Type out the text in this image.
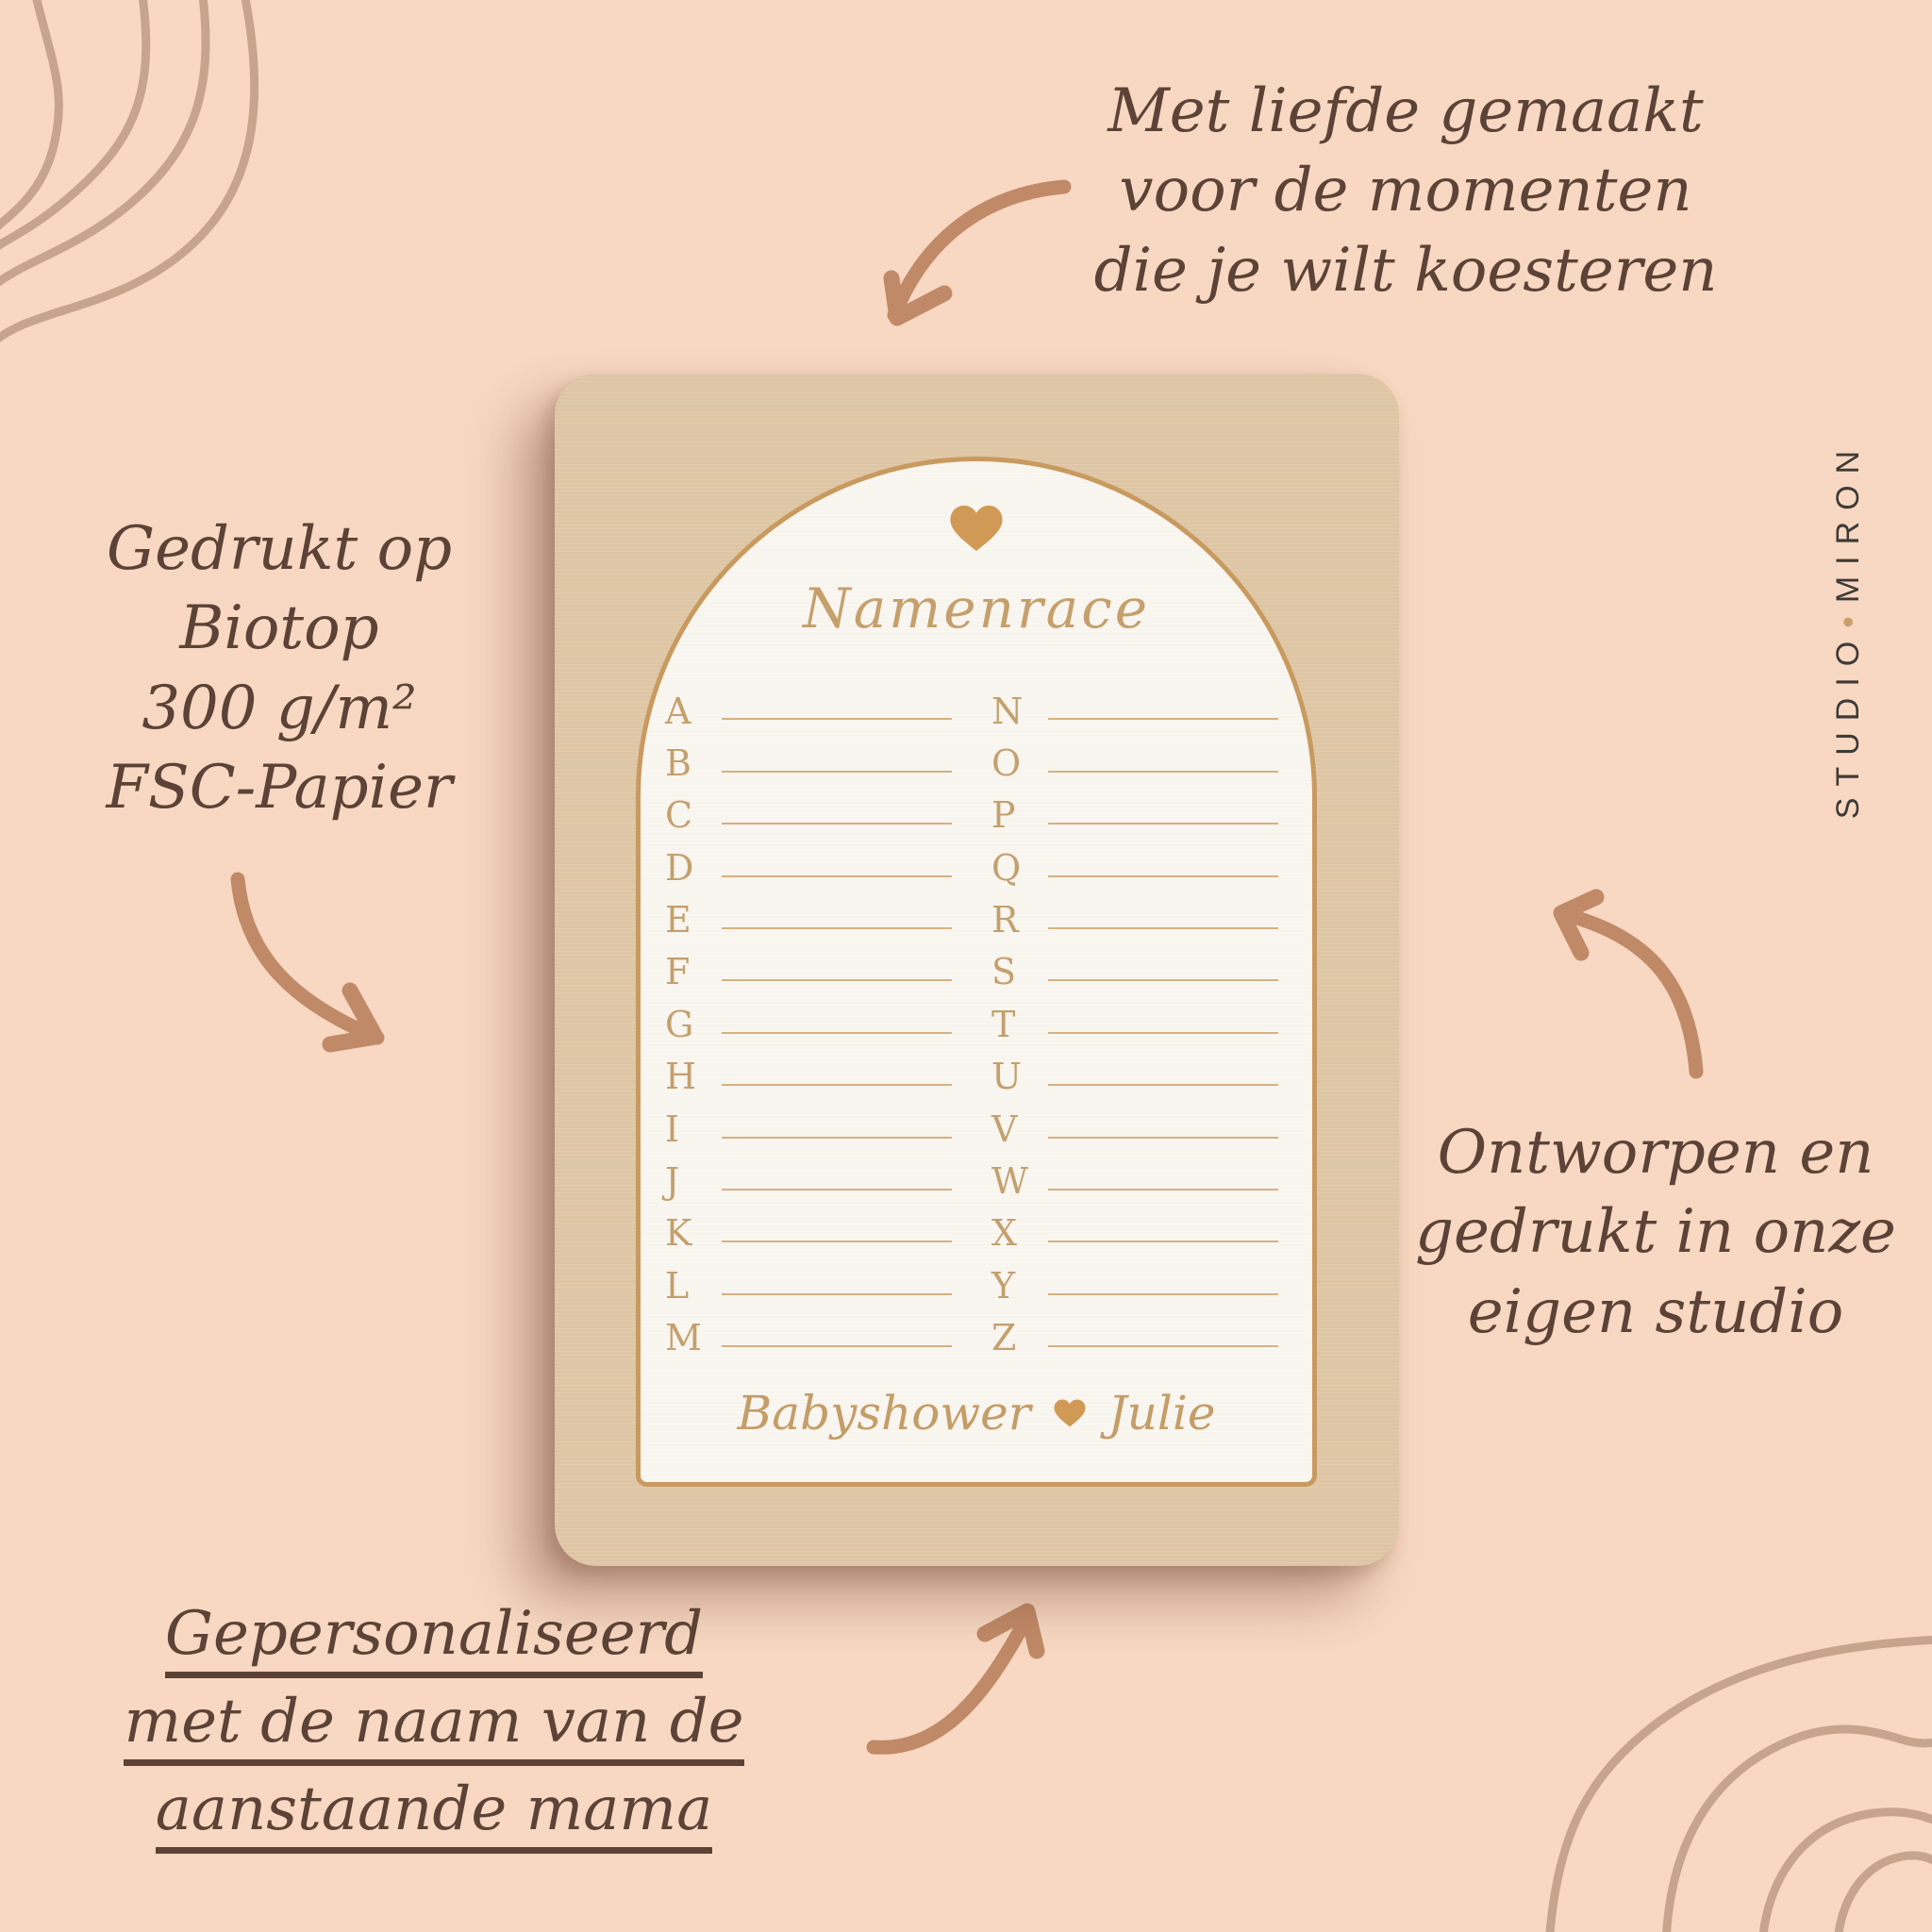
Met liefde gemaakt
voor de momenten
die je wilt koesteren
Gedrukt op
Biotop
300 g/m²
FSC-Papier
Ontworpen en
gedrukt in onze
eigen studio
Gepersonaliseerd
met de naam van de
aanstaande mama
STUDIO
•
MIRON
Namenrace
A
B
C
D
E
F
G
H
I
J
K
L
M
N
O
P
Q
R
S
T
U
V
W
X
Y
Z
Babyshower Julie
